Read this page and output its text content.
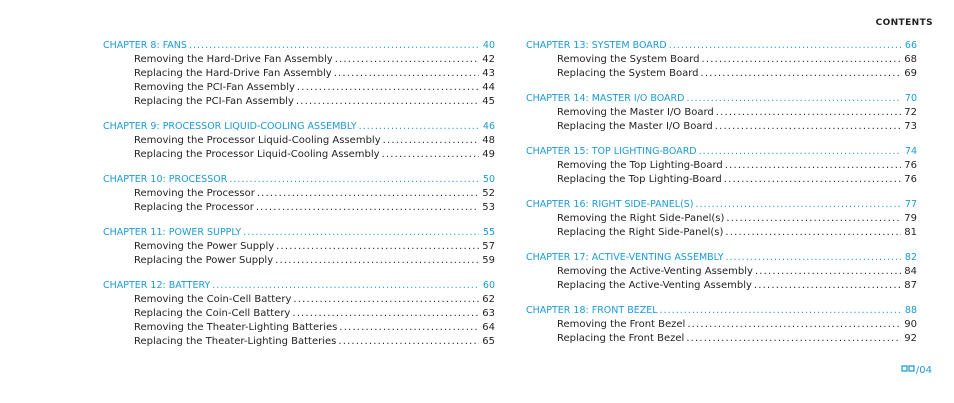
CONTENTS
CHAPTER 8: FANS . . .	40
Removing the Hard-Drive Fan Assembly . . .	42
Replacing the Hard-Drive Fan Assembly . . .	43
Removing the PCI-Fan Assembly . . .	44
Replacing the PCI-Fan Assembly . . .	45
CHAPTER 9: PROCESSOR LIQUID-COOLING ASSEMBLY . . .	46
Removing the Processor Liquid-Cooling Assembly . . .	48
Replacing the Processor Liquid-Cooling Assembly . . .	49
CHAPTER 10: PROCESSOR . . .	50
Removing the Processor . . .	52
Replacing the Processor . . .	53
CHAPTER 11: POWER SUPPLY . . .	55
Removing the Power Supply . . .	57
Replacing the Power Supply . . .	59
CHAPTER 12: BATTERY . . .	60
Removing the Coin-Cell Battery . . .	62
Replacing the Coin-Cell Battery . . .	63
Removing the Theater-Lighting Batteries . . .	64
Replacing the Theater-Lighting Batteries . . .	65
CHAPTER 13: SYSTEM BOARD . . .	66
Removing the System Board . . .	68
Replacing the System Board . . .	69
CHAPTER 14: MASTER I/O BOARD . . .	70
Removing the Master I/O Board . . .	72
Replacing the Master I/O Board . . .	73
CHAPTER 15: TOP LIGHTING-BOARD . . .	74
Removing the Top Lighting-Board . . .	76
Replacing the Top Lighting-Board . . .	76
CHAPTER 16: RIGHT SIDE-PANEL(S) . . .	77
Removing the Right Side-Panel(s) . . .	79
Replacing the Right Side-Panel(s) . . .	81
CHAPTER 17: ACTIVE-VENTING ASSEMBLY . . .	82
Removing the Active-Venting Assembly . . .	84
Replacing the Active-Venting Assembly . . .	87
CHAPTER 18: FRONT BEZEL . . .	88
Removing the Front Bezel . . .	90
Replacing the Front Bezel . . .	92
/ 04
